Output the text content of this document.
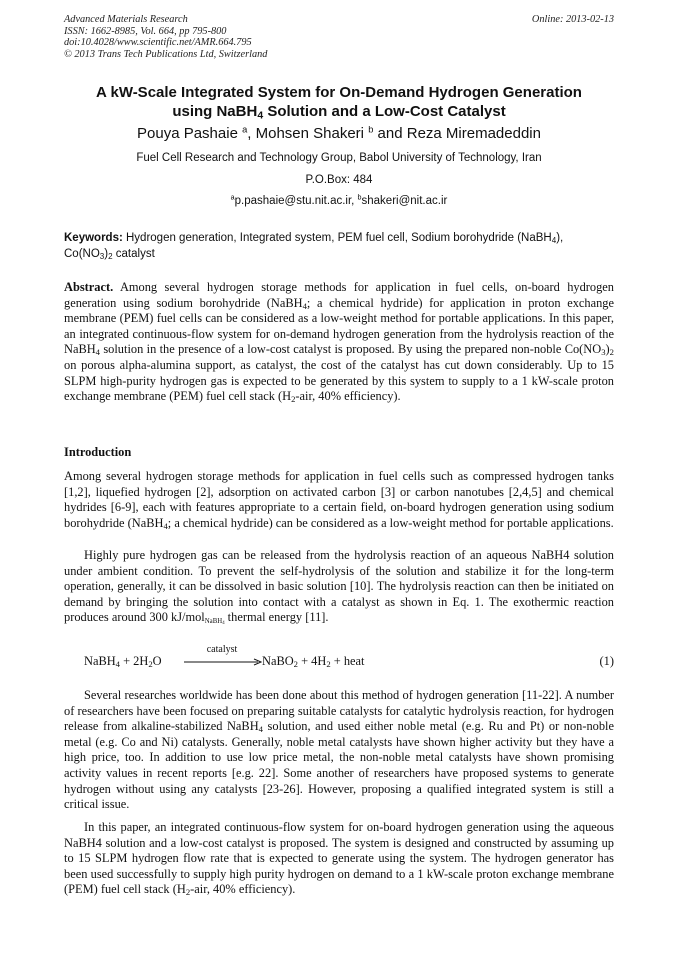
Advanced Materials Research
ISSN: 1662-8985, Vol. 664, pp 795-800
doi:10.4028/www.scientific.net/AMR.664.795
© 2013 Trans Tech Publications Ltd, Switzerland
Online: 2013-02-13
A kW-Scale Integrated System for On-Demand Hydrogen Generation
using NaBH$_4$ Solution and a Low-Cost Catalyst
Pouya Pashaie $^a$, Mohsen Shakeri $^b$ and Reza Miremadeddin
Fuel Cell Research and Technology Group, Babol University of Technology, Iran
P.O.Box: 484
$^a$p.pashaie@stu.nit.ac.ir, $^b$shakeri@nit.ac.ir
Keywords: Hydrogen generation, Integrated system, PEM fuel cell, Sodium borohydride (NaBH$_4$), $Co(NO_3)_2$ catalyst
Abstract. Among several hydrogen storage methods for application in fuel cells, on-board hydrogen generation using sodium borohydride (NaBH$_4$; a chemical hydride) for application in proton exchange membrane (PEM) fuel cells can be considered as a low-weight method for portable applications. In this paper, an integrated continuous-flow system for on-demand hydrogen generation from the hydrolysis reaction of the NaBH$_4$ solution in the presence of a low-cost catalyst is proposed. By using the prepared non-noble $Co(NO_3)_2$ on porous alpha-alumina support, as catalyst, the cost of the catalyst has cut down considerably. Up to 15 SLPM high-purity hydrogen gas is expected to be generated by this system to supply to a 1 kW-scale proton exchange membrane (PEM) fuel cell stack ($H_2$-air, 40% efficiency).
Introduction
Among several hydrogen storage methods for application in fuel cells such as compressed hydrogen tanks [1,2], liquefied hydrogen [2], adsorption on activated carbon [3] or carbon nanotubes [2,4,5] and chemical hydrides [6-9], each with features appropriate to a certain field, on-board hydrogen generation using sodium borohydride (NaBH$_4$; a chemical hydride) can be considered as a low-weight method for portable applications.
Highly pure hydrogen gas can be released from the hydrolysis reaction of an aqueous NaBH4 solution under ambient condition. To prevent the self-hydrolysis of the solution and stabilize it for the long-term operation, generally, it can be dissolved in basic solution [10]. The hydrolysis reaction can then be initiated on demand by bringing the solution into contact with a catalyst as shown in Eq. 1. The exothermic reaction produces around 300 kJ/mol$_{NaBH_4}$ thermal energy [11].
NaBH$_4$ + $2H_2O$
catalyst
NaBO$_2$ + $4H_2$ + heat	(1)
Several researches worldwide has been done about this method of hydrogen generation [11-22]. A number of researchers have been focused on preparing suitable catalysts for catalytic hydrolysis reaction, for hydrogen release from alkaline-stabilized NaBH$_4$ solution, and used either noble metal (e.g. Ru and Pt) or non-noble metal (e.g. Co and Ni) catalysts. Generally, noble metal catalysts have shown higher activity but they have a high price, too. In addition to use low price metal, the non-noble metal catalysts have shown promising activity values in recent reports [e.g. 22]. Some another of researchers have proposed systems to generate hydrogen without using any catalysts [23-26]. However, proposing a qualified integrated system is still a critical issue.
In this paper, an integrated continuous-flow system for on-board hydrogen generation using the aqueous NaBH4 solution and a low-cost catalyst is proposed. The system is designed and constructed by assuming up to 15 SLPM hydrogen flow rate that is expected to generate using the system. The hydrogen generator has been used successfully to supply high purity hydrogen on demand to a 1 kW-scale proton exchange membrane (PEM) fuel cell stack ($H_2$-air, 40% efficiency).
